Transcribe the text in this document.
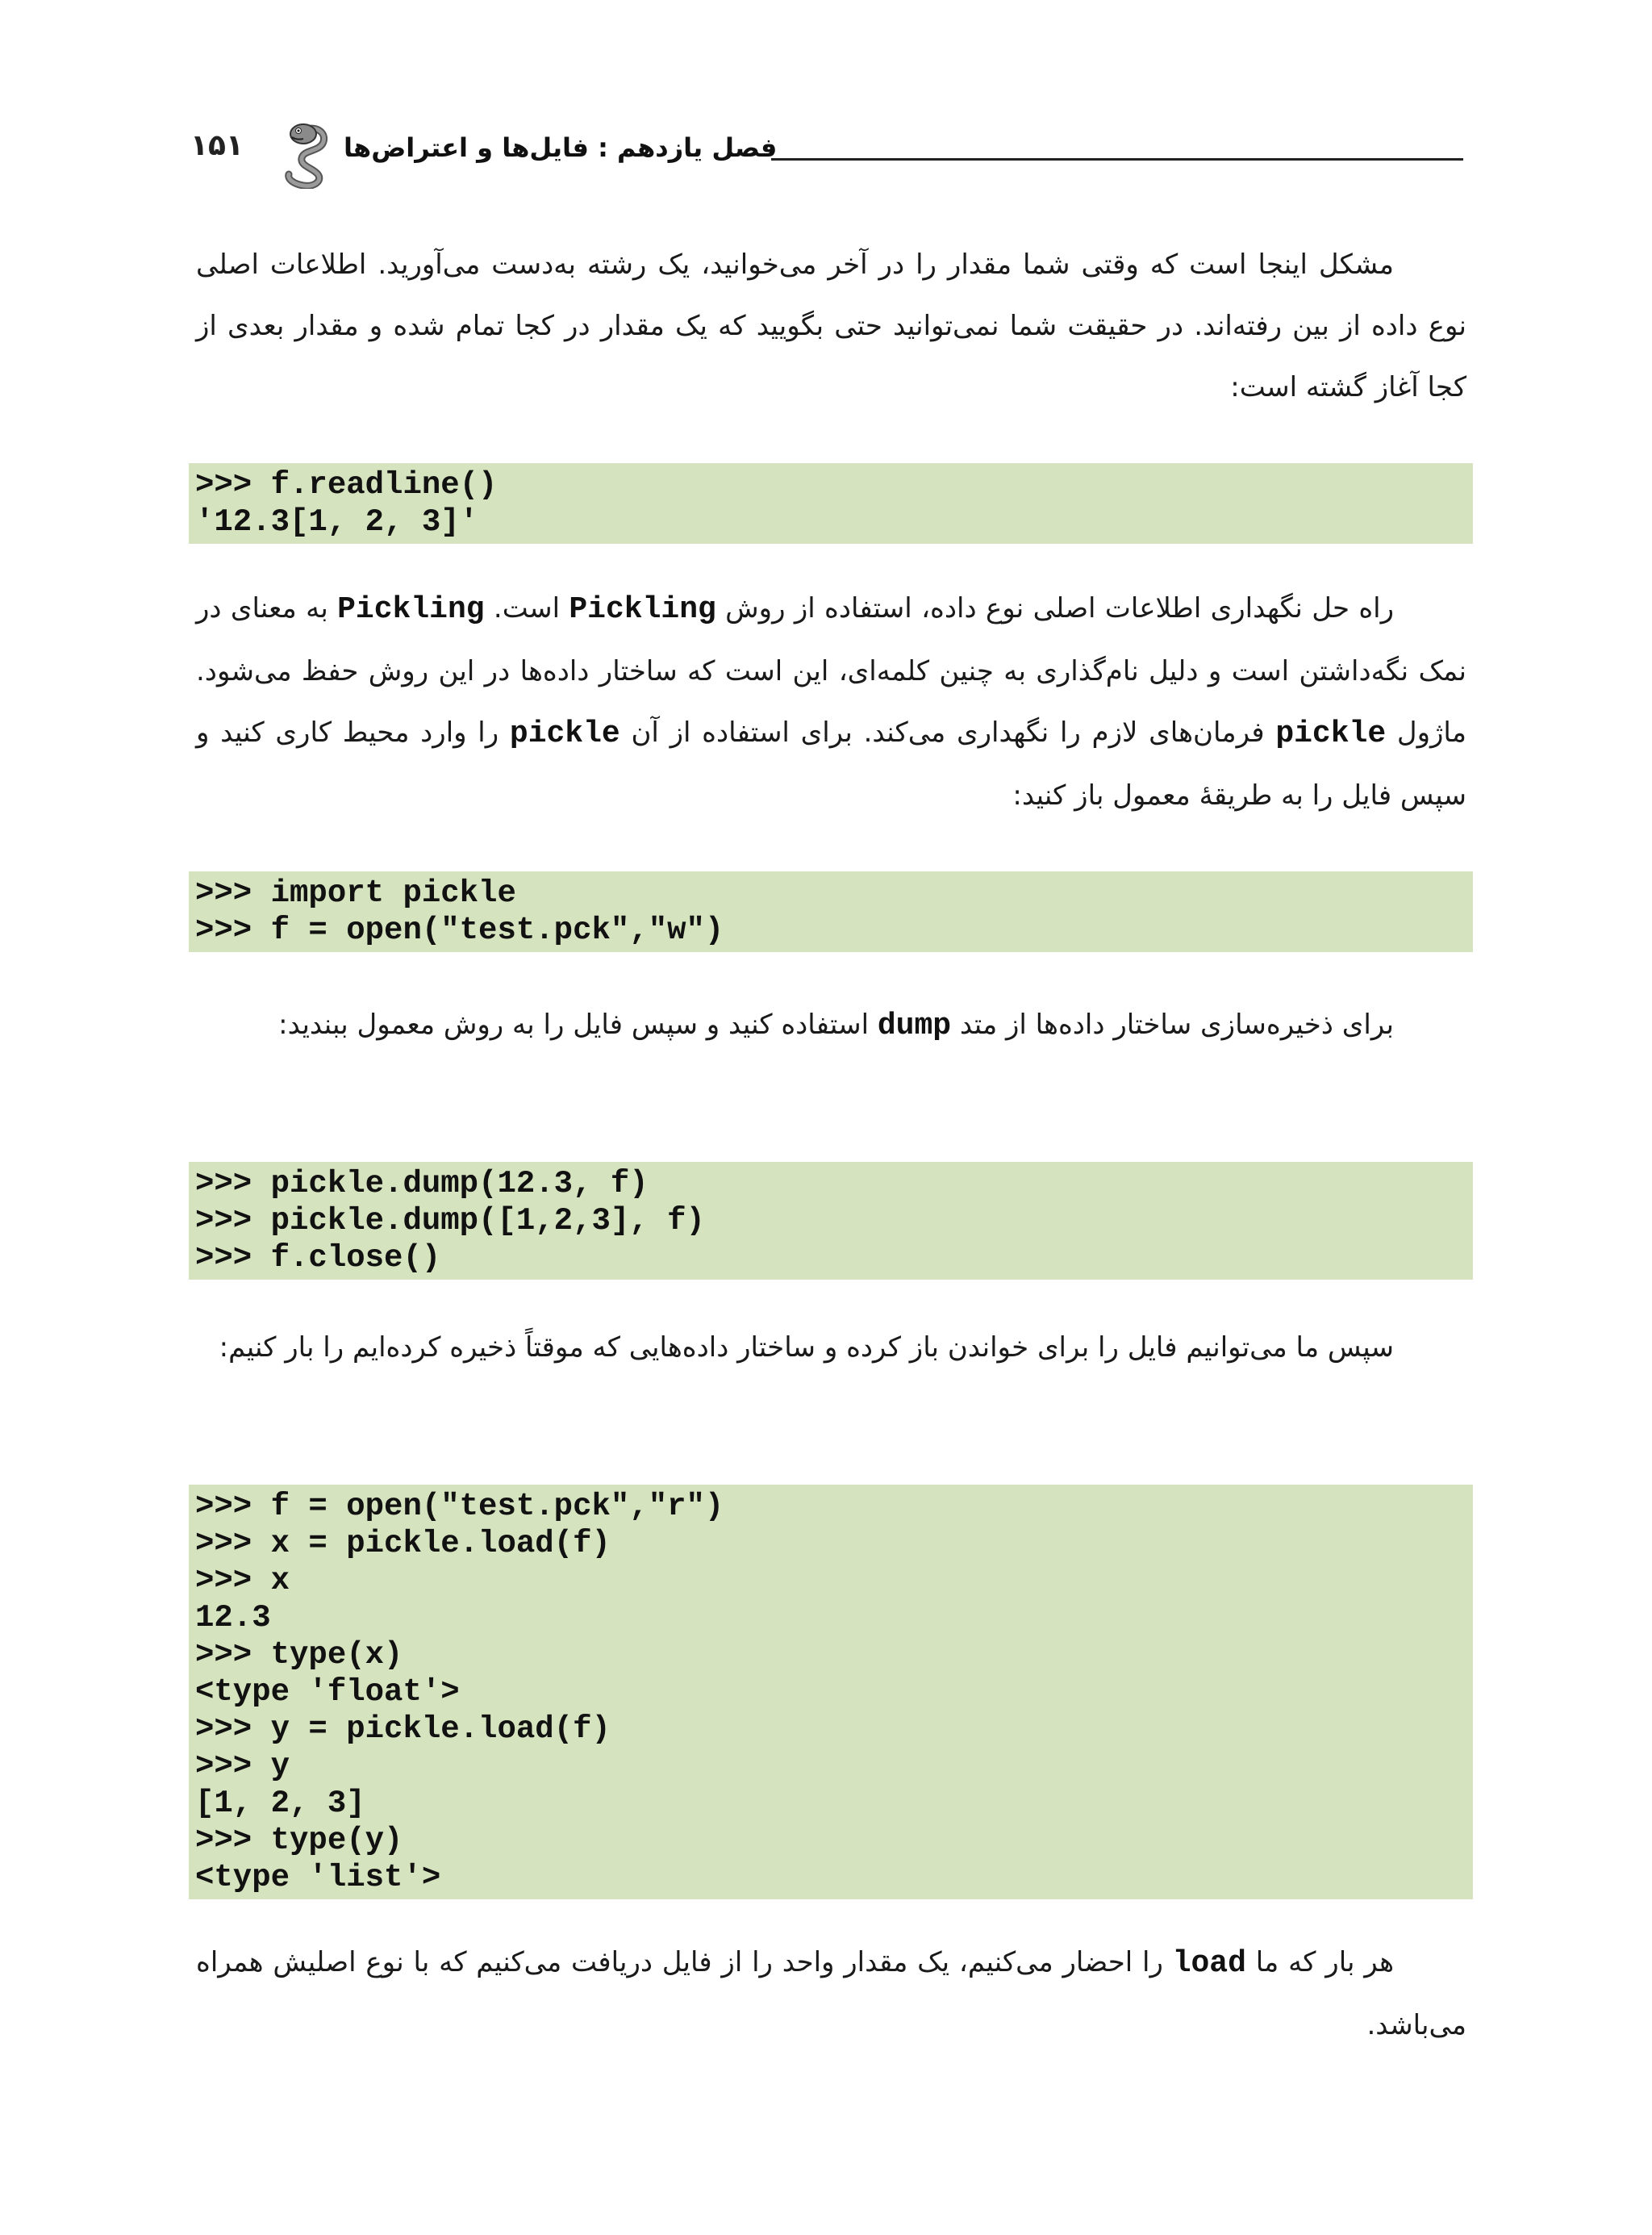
۱۵۱	فصل یازدهم : فایل‌ها و اعتراض‌ها
مشکل اینجا است که وقتی شما مقدار را در آخر می‌خوانید، یک رشته به‌دست می‌آورید. اطلاعات اصلی نوع داده از بین رفته‌اند. در حقیقت شما نمی‌توانید حتی بگویید که یک مقدار در کجا تمام شده و مقدار بعدی از کجا آغاز گشته است:
>>> f.readline()
'12.3[1, 2, 3]'
راه حل نگهداری اطلاعات اصلی نوع داده، استفاده از روش Pickling است. Pickling به معنای در نمک نگه‌داشتن است و دلیل نام‌گذاری به چنین کلمه‌ای، این است که ساختار داده‌ها در این روش حفظ می‌شود. ماژول pickle فرمان‌های لازم را نگهداری می‌کند. برای استفاده از آن pickle را وارد محیط کاری کنید و سپس فایل را به طریقهٔ معمول باز کنید:
>>> import pickle
>>> f = open("test.pck","w")
برای ذخیره‌سازی ساختار داده‌ها از متد dump استفاده کنید و سپس فایل را به روش معمول ببندید:
>>> pickle.dump(12.3, f)
>>> pickle.dump([1,2,3], f)
>>> f.close()
سپس ما می‌توانیم فایل را برای خواندن باز کرده و ساختار داده‌هایی که موقتاً ذخیره کرده‌ایم را بار کنیم:
>>> f = open("test.pck","r")
>>> x = pickle.load(f)
>>> x
12.3
>>> type(x)
<type 'float'>
>>> y = pickle.load(f)
>>> y
[1, 2, 3]
>>> type(y)
<type 'list'>
هر بار که ما load را احضار می‌کنیم، یک مقدار واحد را از فایل دریافت می‌کنیم که با نوع اصلیش همراه می‌باشد.
